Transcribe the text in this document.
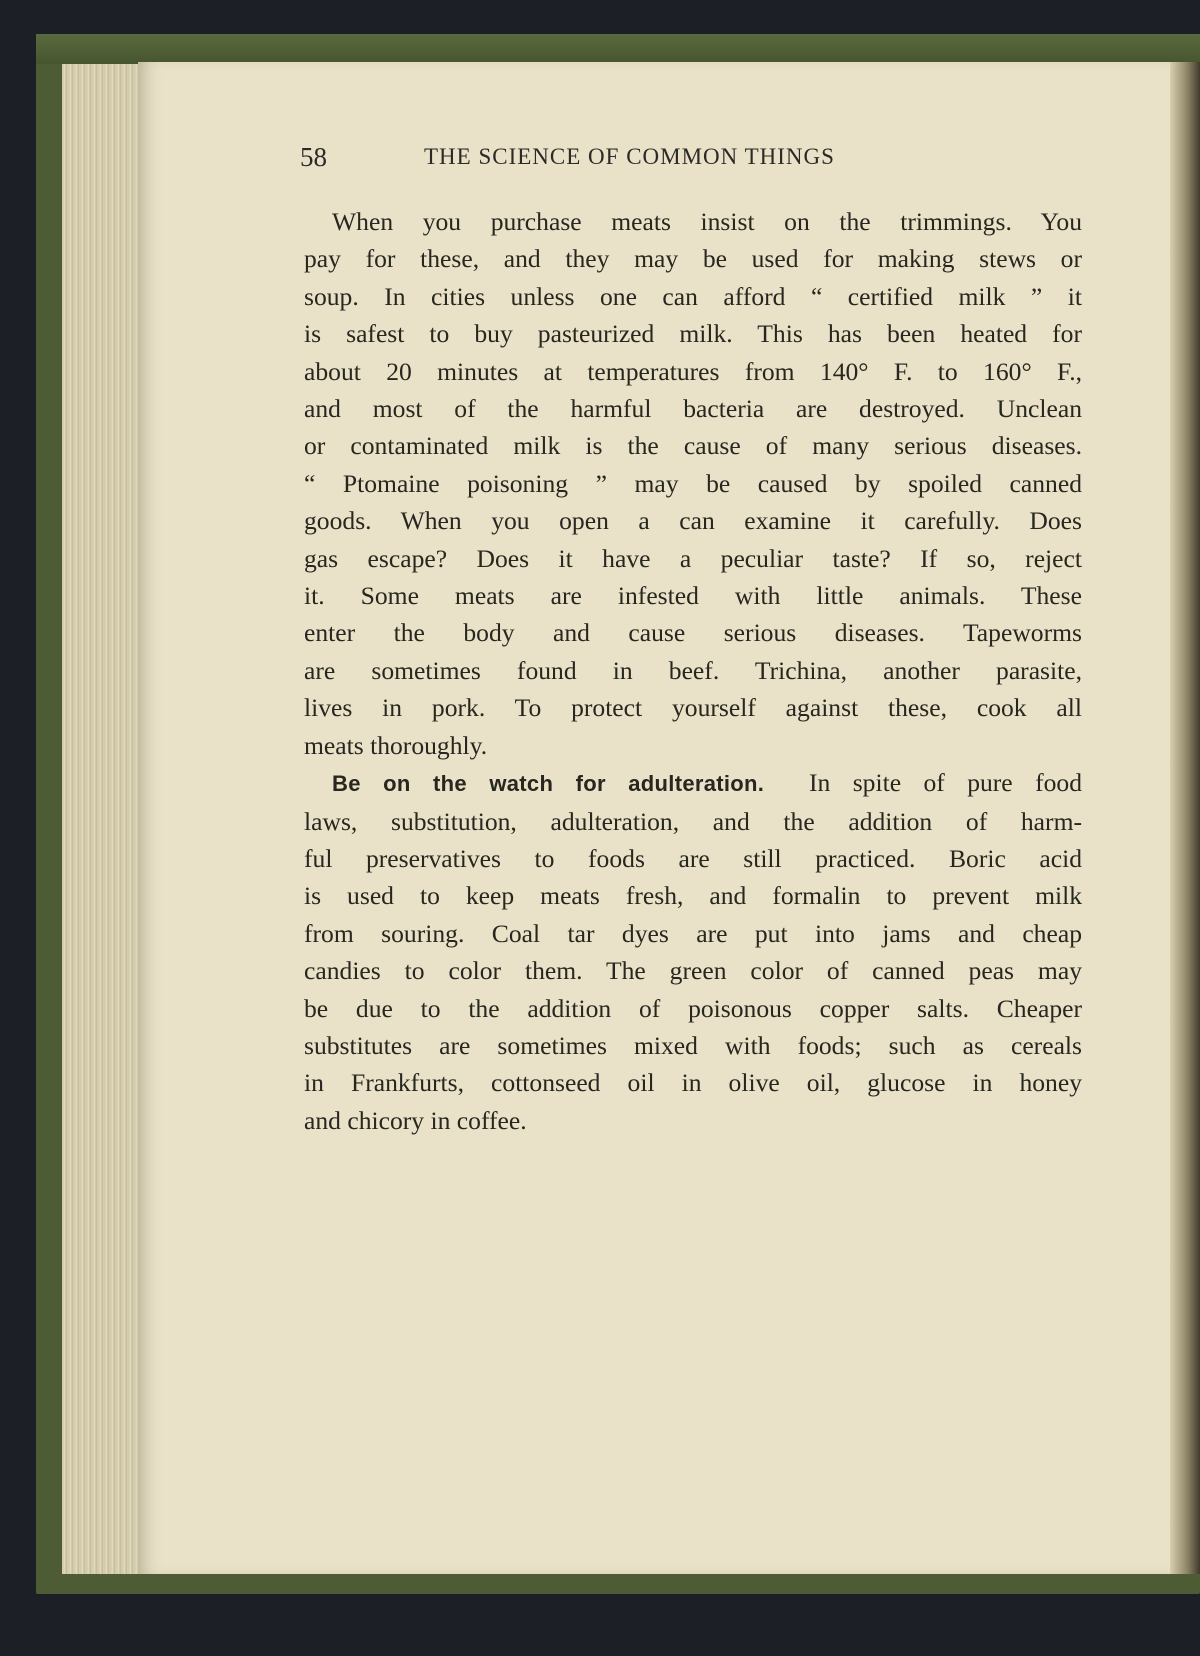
58	THE SCIENCE OF COMMON THINGS
When you purchase meats insist on the trimmings. You
pay for these, and they may be used for making stews or
soup. In cities unless one can afford “ certified milk ” it
is safest to buy pasteurized milk. This has been heated for
about 20 minutes at temperatures from 140° F. to 160° F.,
and most of the harmful bacteria are destroyed. Unclean
or contaminated milk is the cause of many serious diseases.
“ Ptomaine poisoning ” may be caused by spoiled canned
goods. When you open a can examine it carefully. Does
gas escape? Does it have a peculiar taste? If so, reject
it. Some meats are infested with little animals. These
enter the body and cause serious diseases. Tapeworms
are sometimes found in beef. Trichina, another parasite,
lives in pork. To protect yourself against these, cook all
meats thoroughly.
Be on the watch for adulteration. In spite of pure food
laws, substitution, adulteration, and the addition of harm-
ful preservatives to foods are still practiced. Boric acid
is used to keep meats fresh, and formalin to prevent milk
from souring. Coal tar dyes are put into jams and cheap
candies to color them. The green color of canned peas may
be due to the addition of poisonous copper salts. Cheaper
substitutes are sometimes mixed with foods; such as cereals
in Frankfurts, cottonseed oil in olive oil, glucose in honey
and chicory in coffee.
